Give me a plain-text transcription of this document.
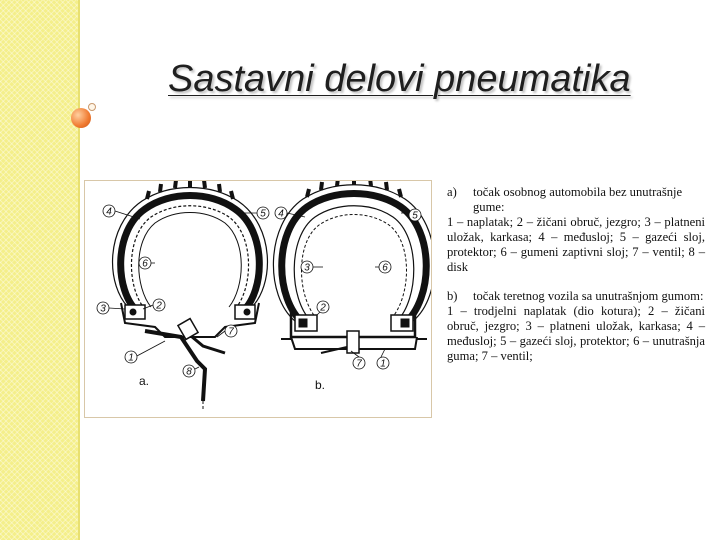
Sastavni delovi pneumatika
4	5
6
3	2
1
7
8
a.
4	5
3	6
2
7 1
b.

a) točak osobnog automobila bez unutrašnje gume:

1 – naplatak; 2 – žičani obruč, jezgro; 3 – platneni uložak, karkasa; 4 – međusloj; 5 – gazeći sloj, protektor; 6 – gumeni zaptivni sloj; 7 – ventil; 8 – disk

b) točak teretnog vozila sa unutrašnjom gumom:

1 – trodjelni naplatak (dio kotura); 2 – žičani obruč, jezgro; 3 – platneni uložak, karkasa; 4 – međusloj; 5 – gazeći sloj, protektor; 6 – unutrašnja guma; 7 – ventil;
